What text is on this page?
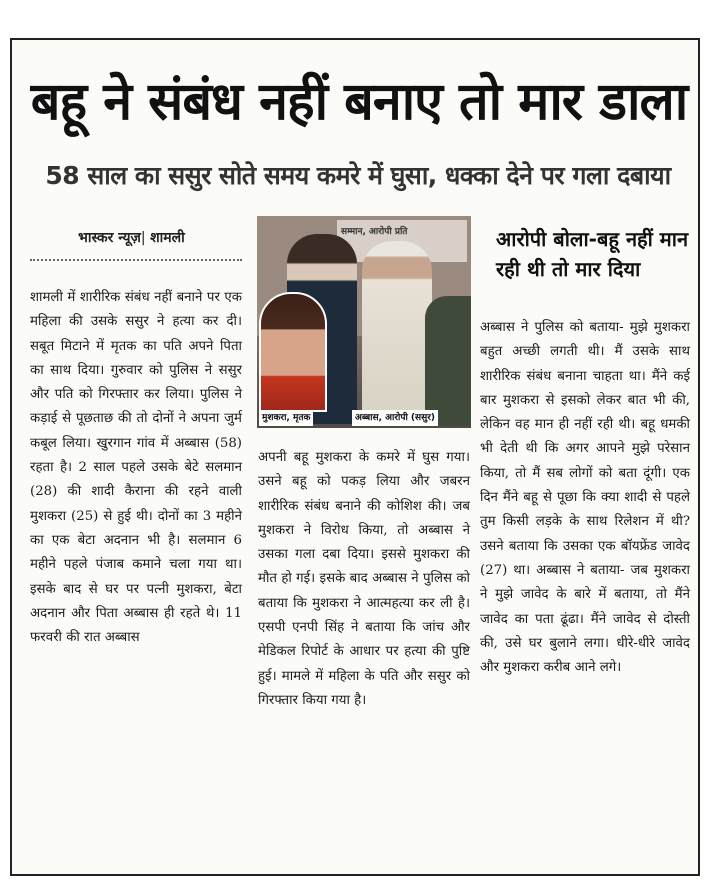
बहू ने संबंध नहीं बनाए तो मार डाला
58 साल का ससुर सोते समय कमरे में घुसा, धक्का देने पर गला दबाया
भास्कर न्यूज़| शामली
शामली में शारीरिक संबंध नहीं बनाने पर एक महिला की उसके ससुर ने हत्या कर दी। सबूत मिटाने में मृतक का पति अपने पिता का साथ दिया। गुरुवार को पुलिस ने ससुर और पति को गिरफ्तार कर लिया। पुलिस ने कड़ाई से पूछताछ की तो दोनों ने अपना जुर्म कबूल लिया। खुरगान गांव में अब्बास (58) रहता है। 2 साल पहले उसके बेटे सलमान (28) की शादी कैराना की रहने वाली मुशकरा (25) से हुई थी। दोनों का 3 महीने का एक बेटा अदनान भी है। सलमान 6 महीने पहले पंजाब कमाने चला गया था। इसके बाद से घर पर पत्नी मुशकरा, बेटा अदनान और पिता अब्बास ही रहते थे। 11 फरवरी की रात अब्बास
सम्मान, आरोपी प्रति
मुशकरा, मृतक	अब्बास, आरोपी (ससुर)
अपनी बहू मुशकरा के कमरे में घुस गया। उसने बहू को पकड़ लिया और जबरन शारीरिक संबंध बनाने की कोशिश की। जब मुशकरा ने विरोध किया, तो अब्बास ने उसका गला दबा दिया। इससे मुशकरा की मौत हो गई। इसके बाद अब्बास ने पुलिस को बताया कि मुशकरा ने आत्महत्या कर ली है। एसपी एनपी सिंह ने बताया कि जांच और मेडिकल रिपोर्ट के आधार पर हत्या की पुष्टि हुई। मामले में महिला के पति और ससुर को गिरफ्तार किया गया है।
आरोपी बोला-बहू नहीं मान रही थी तो मार दिया
अब्बास ने पुलिस को बताया- मुझे मुशकरा बहुत अच्छी लगती थी। मैं उसके साथ शारीरिक संबंध बनाना चाहता था। मैंने कई बार मुशकरा से इसको लेकर बात भी की, लेकिन वह मान ही नहीं रही थी। बहू धमकी भी देती थी कि अगर आपने मुझे परेसान किया, तो मैं सब लोगों को बता दूंगी। एक दिन मैंने बहू से पूछा कि क्या शादी से पहले तुम किसी लड़के के साथ रिलेशन में थी? उसने बताया कि उसका एक बॉयफ्रेंड जावेद (27) था। अब्बास ने बताया- जब मुशकरा ने मुझे जावेद के बारे में बताया, तो मैंने जावेद का पता ढूंढा। मैंने जावेद से दोस्ती की, उसे घर बुलाने लगा। धीरे-धीरे जावेद और मुशकरा करीब आने लगे।
